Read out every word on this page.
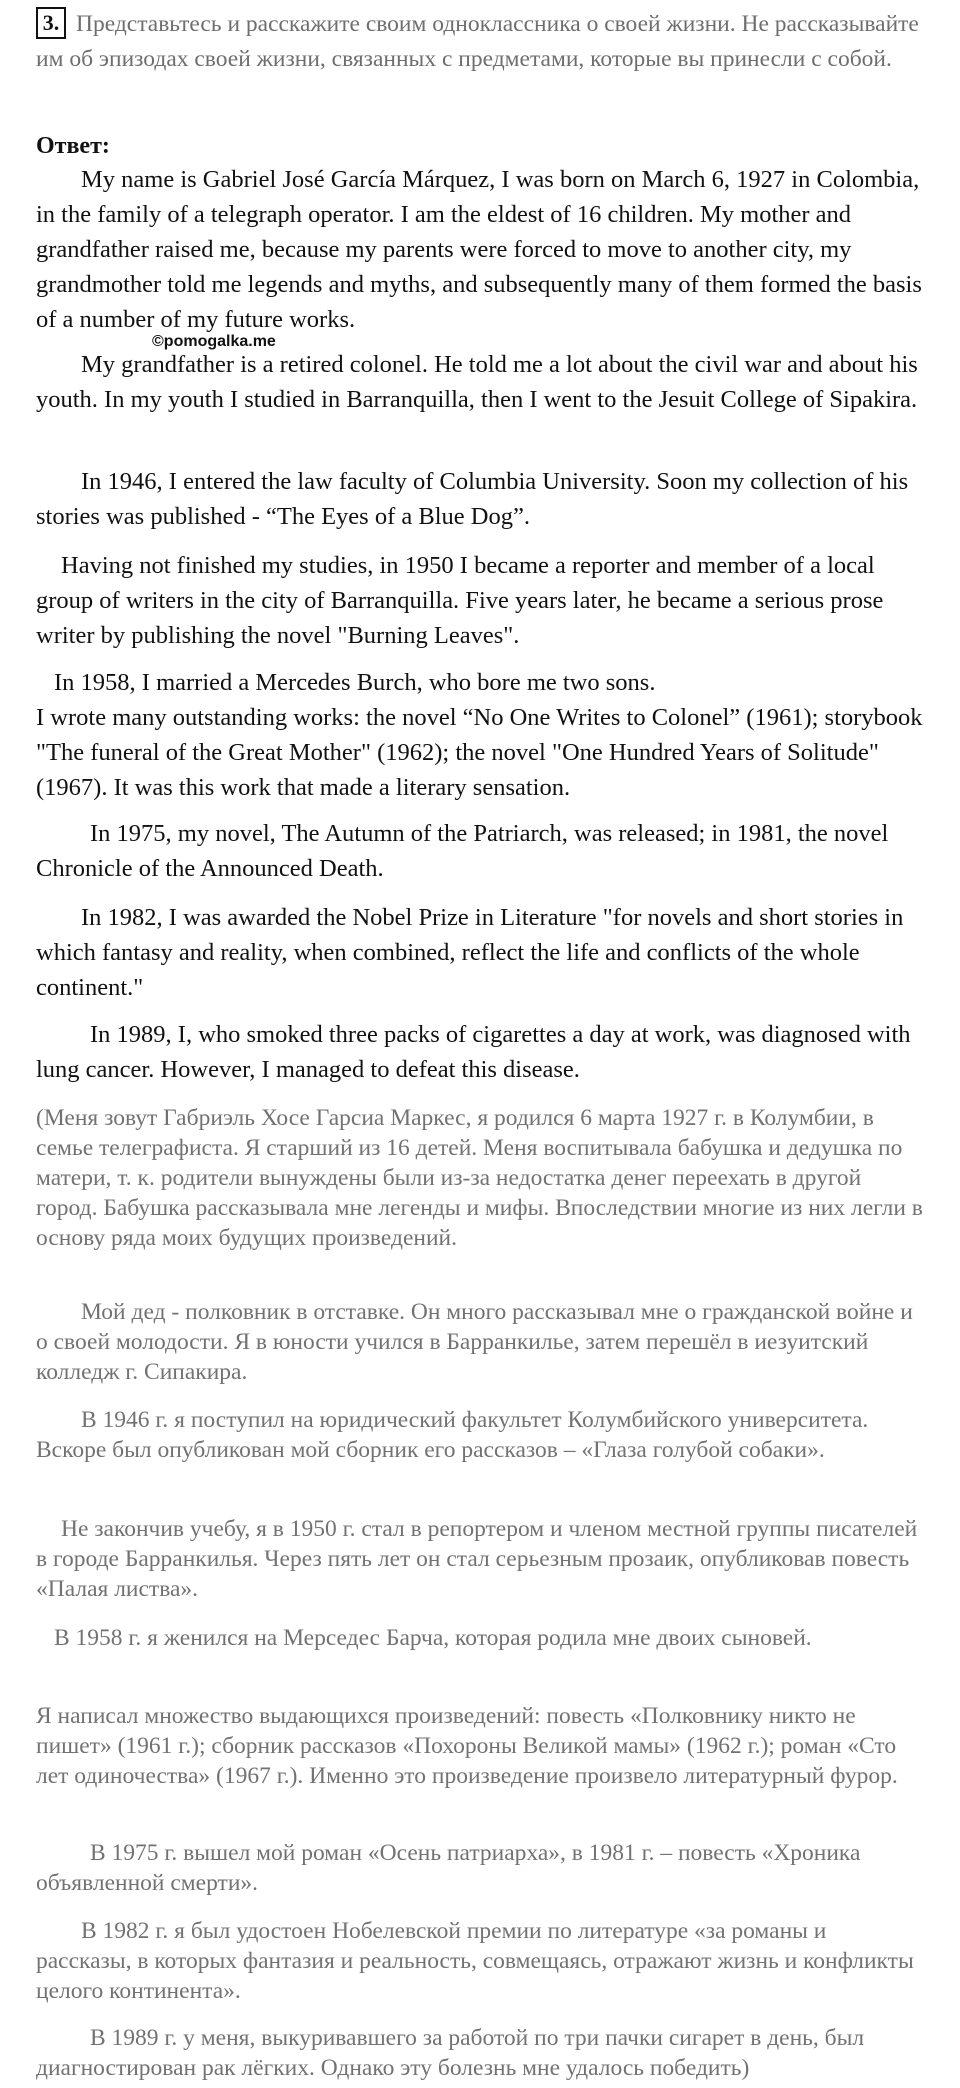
3. Представьтесь и расскажите своим одноклассника о своей жизни. Не рассказывайте им об эпизодах своей жизни, связанных с предметами, которые вы принесли с собой.

Ответ:
©pomogalka.me

My name is Gabriel José García Márquez, I was born on March 6, 1927 in Colombia, in the family of a telegraph operator. I am the eldest of 16 children. My mother and grandfather raised me, because my parents were forced to move to another city, my grandmother told me legends and myths, and subsequently many of them formed the basis of a number of my future works.

My grandfather is a retired colonel. He told me a lot about the civil war and about his youth. In my youth I studied in Barranquilla, then I went to the Jesuit College of Sipakira.

In 1946, I entered the law faculty of Columbia University. Soon my collection of his stories was published - “The Eyes of a Blue Dog”.

Having not finished my studies, in 1950 I became a reporter and member of a local group of writers in the city of Barranquilla. Five years later, he became a serious prose writer by publishing the novel "Burning Leaves".

In 1958, I married a Mercedes Burch, who bore me two sons.

I wrote many outstanding works: the novel “No One Writes to Colonel” (1961); storybook "The funeral of the Great Mother" (1962); the novel "One Hundred Years of Solitude" (1967). It was this work that made a literary sensation.

In 1975, my novel, The Autumn of the Patriarch, was released; in 1981, the novel Chronicle of the Announced Death.

In 1982, I was awarded the Nobel Prize in Literature "for novels and short stories in which fantasy and reality, when combined, reflect the life and conflicts of the whole continent."

In 1989, I, who smoked three packs of cigarettes a day at work, was diagnosed with lung cancer. However, I managed to defeat this disease.

(Меня зовут Габриэль Хосе Гарсиа Маркес, я родился 6 марта 1927 г. в Колумбии, в семье телеграфиста. Я старший из 16 детей. Меня воспитывала бабушка и дедушка по матери, т. к. родители вынуждены были из-за недостатка денег переехать в другой город. Бабушка рассказывала мне легенды и мифы. Впоследствии многие из них легли в основу ряда моих будущих произведений.

Мой дед - полковник в отставке. Он много рассказывал мне о гражданской войне и о своей молодости. Я в юности учился в Барранкилье, затем перешёл в иезуитский колледж г. Сипакира.

В 1946 г. я поступил на юридический факультет Колумбийского университета. Вскоре был опубликован мой сборник его рассказов – «Глаза голубой собаки».

Не закончив учебу, я в 1950 г. стал в репортером и членом местной группы писателей в городе Барранкилья. Через пять лет он стал серьезным прозаик, опубликовав повесть «Палая листва».

В 1958 г. я женился на Мерседес Барча, которая родила мне двоих сыновей.

Я написал множество выдающихся произведений: повесть «Полковнику никто не пишет» (1961 г.); сборник рассказов «Похороны Великой мамы» (1962 г.); роман «Сто лет одиночества» (1967 г.). Именно это произведение произвело литературный фурор.

В 1975 г. вышел мой роман «Осень патриарха», в 1981 г. – повесть «Хроника объявленной смерти».

В 1982 г. я был удостоен Нобелевской премии по литературе «за романы и рассказы, в которых фантазия и реальность, совмещаясь, отражают жизнь и конфликты целого континента».

В 1989 г. у меня, выкуривавшего за работой по три пачки сигарет в день, был диагностирован рак лёгких. Однако эту болезнь мне удалось победить)
